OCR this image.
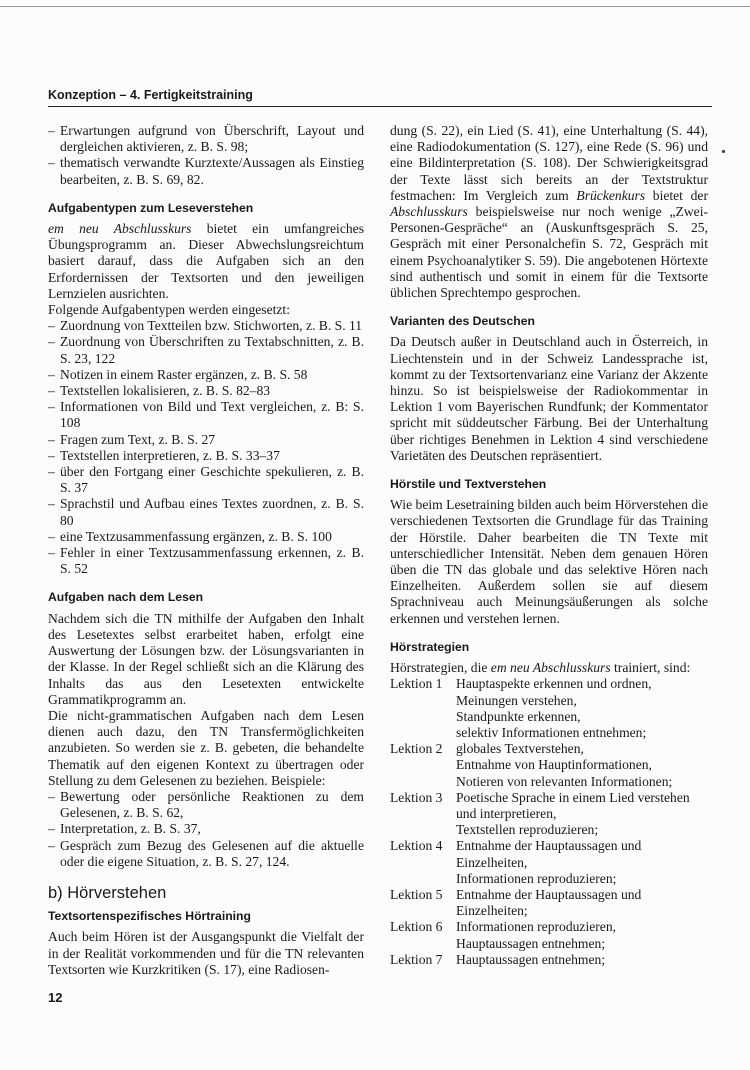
Konzeption – 4. Fertigkeitstraining
– Erwartungen aufgrund von Überschrift, Layout und dergleichen aktivieren, z. B. S. 98;
– thematisch verwandte Kurztexte/Aussagen als Einstieg bearbeiten, z. B. S. 69, 82.
Aufgabentypen zum Leseverstehen

em neu Abschlusskurs bietet ein umfangreiches Übungsprogramm an. Dieser Abwechslungsreichtum basiert darauf, dass die Aufgaben sich an den Erfordernissen der Textsorten und den jeweiligen Lernzielen ausrichten.

Folgende Aufgabentypen werden eingesetzt:

– Zuordnung von Textteilen bzw. Stichworten, z. B. S. 11
– Zuordnung von Überschriften zu Textabschnitten, z. B. S. 23, 122
– Notizen in einem Raster ergänzen, z. B. S. 58
– Textstellen lokalisieren, z. B. S. 82–83
– Informationen von Bild und Text vergleichen, z. B: S. 108
– Fragen zum Text, z. B. S. 27
– Textstellen interpretieren, z. B. S. 33–37
– über den Fortgang einer Geschichte spekulieren, z. B. S. 37
– Sprachstil und Aufbau eines Textes zuordnen, z. B. S. 80
– eine Textzusammenfassung ergänzen, z. B. S. 100
– Fehler in einer Textzusammenfassung erkennen, z. B. S. 52
Aufgaben nach dem Lesen

Nachdem sich die TN mithilfe der Aufgaben den Inhalt des Lesetextes selbst erarbeitet haben, erfolgt eine Auswertung der Lösungen bzw. der Lösungsvarianten in der Klasse. In der Regel schließt sich an die Klärung des Inhalts das aus den Lesetexten entwickelte Grammatikprogramm an.

Die nicht-grammatischen Aufgaben nach dem Lesen dienen auch dazu, den TN Transfermöglichkeiten anzubieten. So werden sie z. B. gebeten, die behandelte Thematik auf den eigenen Kontext zu übertragen oder Stellung zu dem Gelesenen zu beziehen. Beispiele:

– Bewertung oder persönliche Reaktionen zu dem Gelesenen, z. B. S. 62,
– Interpretation, z. B. S. 37,
– Gespräch zum Bezug des Gelesenen auf die aktuelle oder die eigene Situation, z. B. S. 27, 124.
b) Hörverstehen
Textsortenspezifisches Hörtraining

Auch beim Hören ist der Ausgangspunkt die Vielfalt der in der Realität vorkommenden und für die TN relevanten Textsorten wie Kurzkritiken (S. 17), eine Radiosen-

dung (S. 22), ein Lied (S. 41), eine Unterhaltung (S. 44), eine Radiodokumentation (S. 127), eine Rede (S. 96) und eine Bildinterpretation (S. 108). Der Schwierigkeitsgrad der Texte lässt sich bereits an der Textstruktur festmachen: Im Vergleich zum Brückenkurs bietet der Abschlusskurs beispielsweise nur noch wenige „Zwei-Personen-Gespräche“ an (Auskunftsgespräch S. 25, Gespräch mit einer Personalchefin S. 72, Gespräch mit einem Psychoanalytiker S. 59). Die angebotenen Hörtexte sind authentisch und somit in einem für die Textsorte üblichen Sprechtempo gesprochen.

Varianten des Deutschen

Da Deutsch außer in Deutschland auch in Österreich, in Liechtenstein und in der Schweiz Landessprache ist, kommt zu der Textsortenvarianz eine Varianz der Akzente hinzu. So ist beispielsweise der Radiokommentar in Lektion 1 vom Bayerischen Rundfunk; der Kommentator spricht mit süddeutscher Färbung. Bei der Unterhaltung über richtiges Benehmen in Lektion 4 sind verschiedene Varietäten des Deutschen repräsentiert.

Hörstile und Textverstehen

Wie beim Lesetraining bilden auch beim Hörverstehen die verschiedenen Textsorten die Grundlage für das Training der Hörstile. Daher bearbeiten die TN Texte mit unterschiedlicher Intensität. Neben dem genauen Hören üben die TN das globale und das selektive Hören nach Einzelheiten. Außerdem sollen sie auf diesem Sprachniveau auch Meinungsäußerungen als solche erkennen und verstehen lernen.

Hörstrategien

Hörstrategien, die em neu Abschlusskurs trainiert, sind:

Lektion 1 Hauptaspekte erkennen und ordnen,
Meinungen verstehen,
Standpunkte erkennen,
selektiv Informationen entnehmen;
Lektion 2 globales Textverstehen,
Entnahme von Hauptinformationen,
Notieren von relevanten Informationen;
Lektion 3 Poetische Sprache in einem Lied verstehen
und interpretieren,
Textstellen reproduzieren;
Lektion 4 Entnahme der Hauptaussagen und
Einzelheiten,
Informationen reproduzieren;
Lektion 5 Entnahme der Hauptaussagen und
Einzelheiten;
Lektion 6 Informationen reproduzieren,
Hauptaussagen entnehmen;
Lektion 7 Hauptaussagen entnehmen;
12
